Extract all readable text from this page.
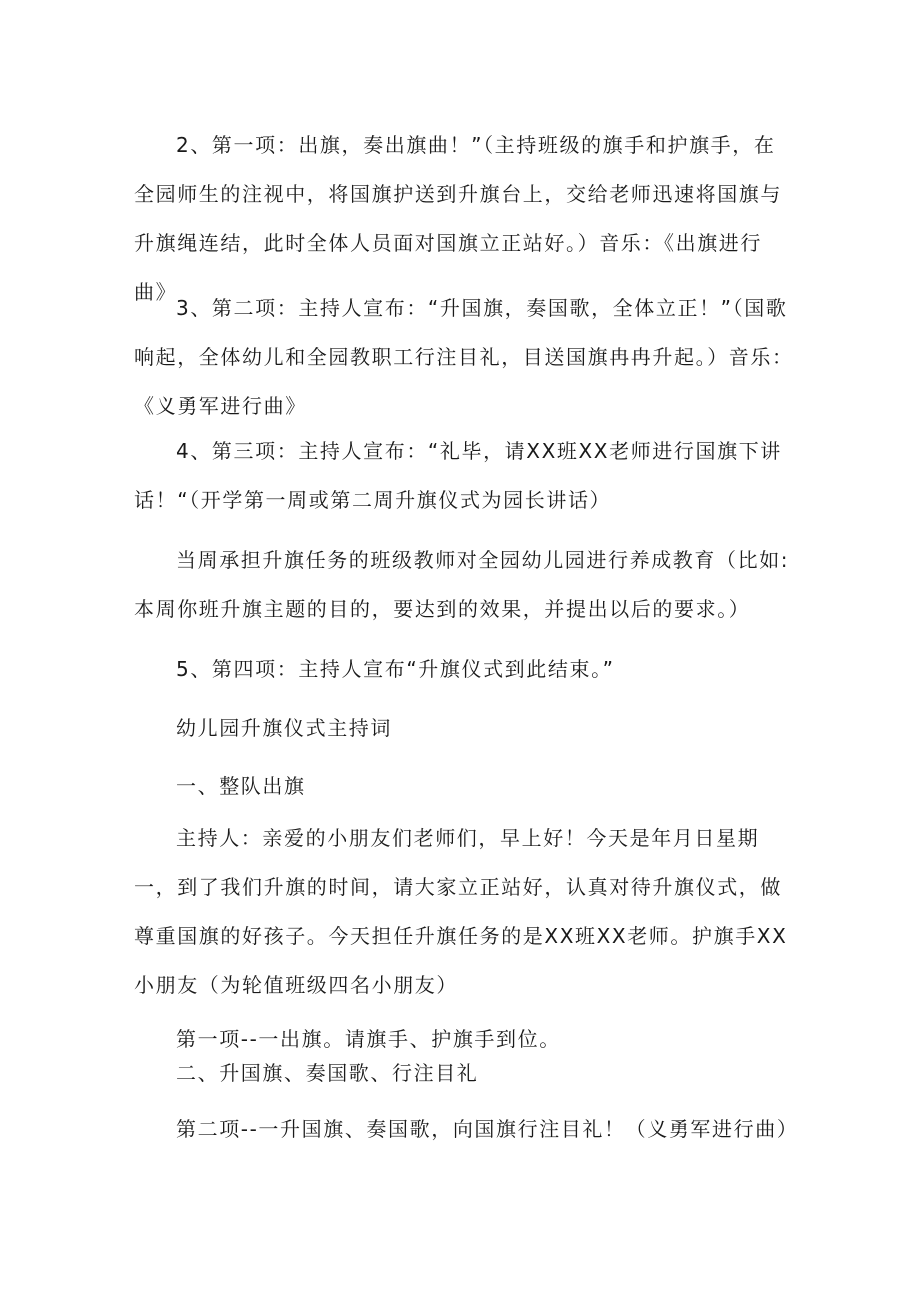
2、第一项：出旗，奏出旗曲！”（主持班级的旗手和护旗手，在全园师生的注视中，将国旗护送到升旗台上，交给老师迅速将国旗与升旗绳连结，此时全体人员面对国旗立正站好。）音乐：《出旗进行曲》

3、第二项：主持人宣布：“升国旗，奏国歌，全体立正！”（国歌响起，全体幼儿和全园教职工行注目礼，目送国旗冉冉升起。）音乐：《义勇军进行曲》

4、第三项：主持人宣布：“礼毕，请XX班XX老师进行国旗下讲话！“（开学第一周或第二周升旗仪式为园长讲话）

当周承担升旗任务的班级教师对全园幼儿园进行养成教育（比如:本周你班升旗主题的目的，要达到的效果，并提出以后的要求。）

5、第四项：主持人宣布“升旗仪式到此结束。”

幼儿园升旗仪式主持词

一、整队出旗

主持人：亲爱的小朋友们老师们，早上好！今天是年月日星期一，到了我们升旗的时间，请大家立正站好，认真对待升旗仪式，做尊重国旗的好孩子。今天担任升旗任务的是XX班XX老师。护旗手XX小朋友（为轮值班级四名小朋友）

第一项--一出旗。请旗手、护旗手到位。

二、升国旗、奏国歌、行注目礼

第二项--一升国旗、奏国歌，向国旗行注目礼！（义勇军进行曲）
